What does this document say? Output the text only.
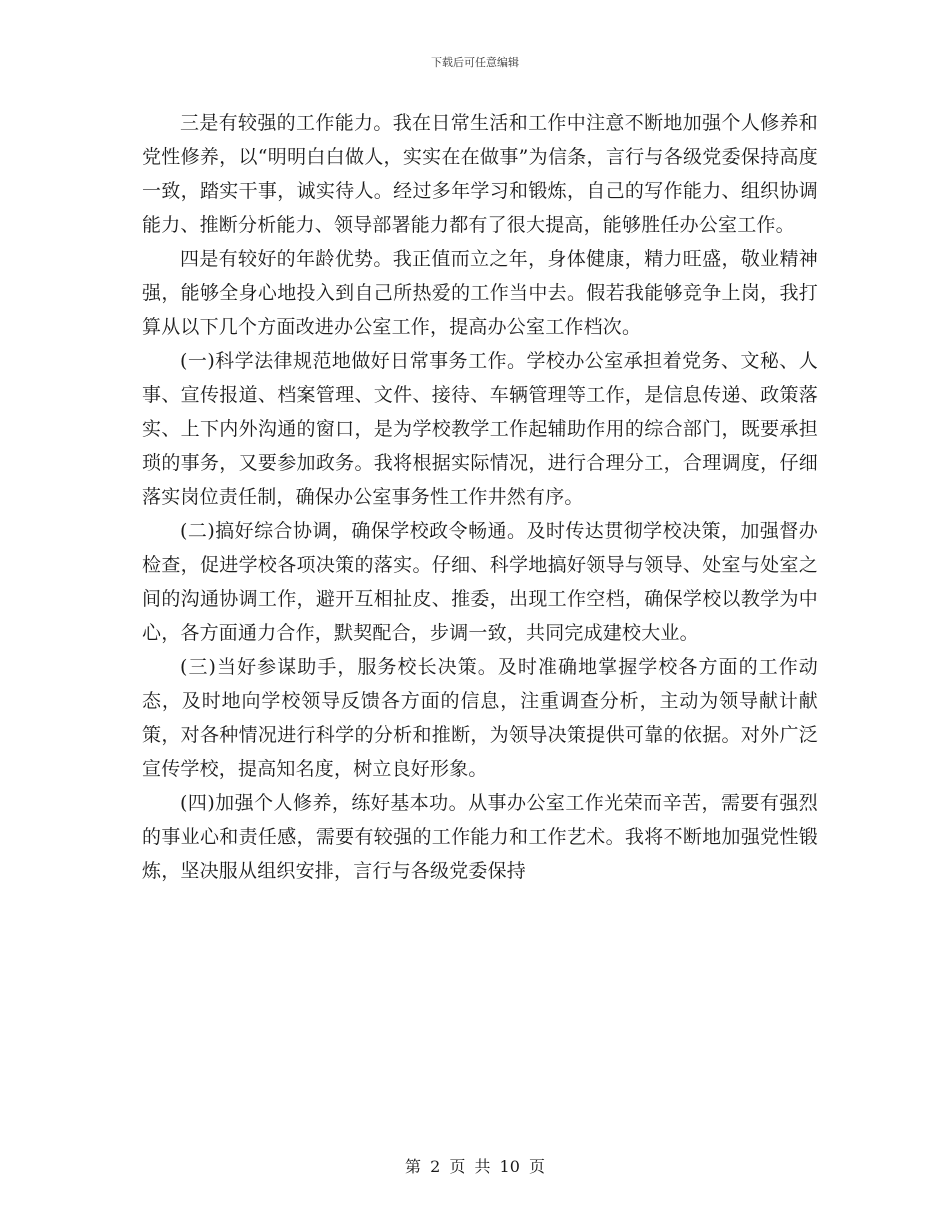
下载后可任意编辑

三是有较强的工作能力。我在日常生活和工作中注意不断地加强个人修养和党性修养，以“明明白白做人，实实在在做事”为信条，言行与各级党委保持高度一致，踏实干事，诚实待人。经过多年学习和锻炼，自己的写作能力、组织协调能力、推断分析能力、领导部署能力都有了很大提高，能够胜任办公室工作。

四是有较好的年龄优势。我正值而立之年，身体健康，精力旺盛，敬业精神强，能够全身心地投入到自己所热爱的工作当中去。假若我能够竞争上岗，我打算从以下几个方面改进办公室工作，提高办公室工作档次。

(一)科学法律规范地做好日常事务工作。学校办公室承担着党务、文秘、人事、宣传报道、档案管理、文件、接待、车辆管理等工作，是信息传递、政策落实、上下内外沟通的窗口，是为学校教学工作起辅助作用的综合部门，既要承担琐的事务，又要参加政务。我将根据实际情况，进行合理分工，合理调度，仔细落实岗位责任制，确保办公室事务性工作井然有序。

(二)搞好综合协调，确保学校政令畅通。及时传达贯彻学校决策，加强督办检查，促进学校各项决策的落实。仔细、科学地搞好领导与领导、处室与处室之间的沟通协调工作，避开互相扯皮、推委，出现工作空档，确保学校以教学为中心，各方面通力合作，默契配合，步调一致，共同完成建校大业。

(三)当好参谋助手，服务校长决策。及时准确地掌握学校各方面的工作动态，及时地向学校领导反馈各方面的信息，注重调查分析，主动为领导献计献策，对各种情况进行科学的分析和推断，为领导决策提供可靠的依据。对外广泛宣传学校，提高知名度，树立良好形象。

(四)加强个人修养，练好基本功。从事办公室工作光荣而辛苦，需要有强烈的事业心和责任感，需要有较强的工作能力和工作艺术。我将不断地加强党性锻炼，坚决服从组织安排，言行与各级党委保持

第 2 页 共 10 页
